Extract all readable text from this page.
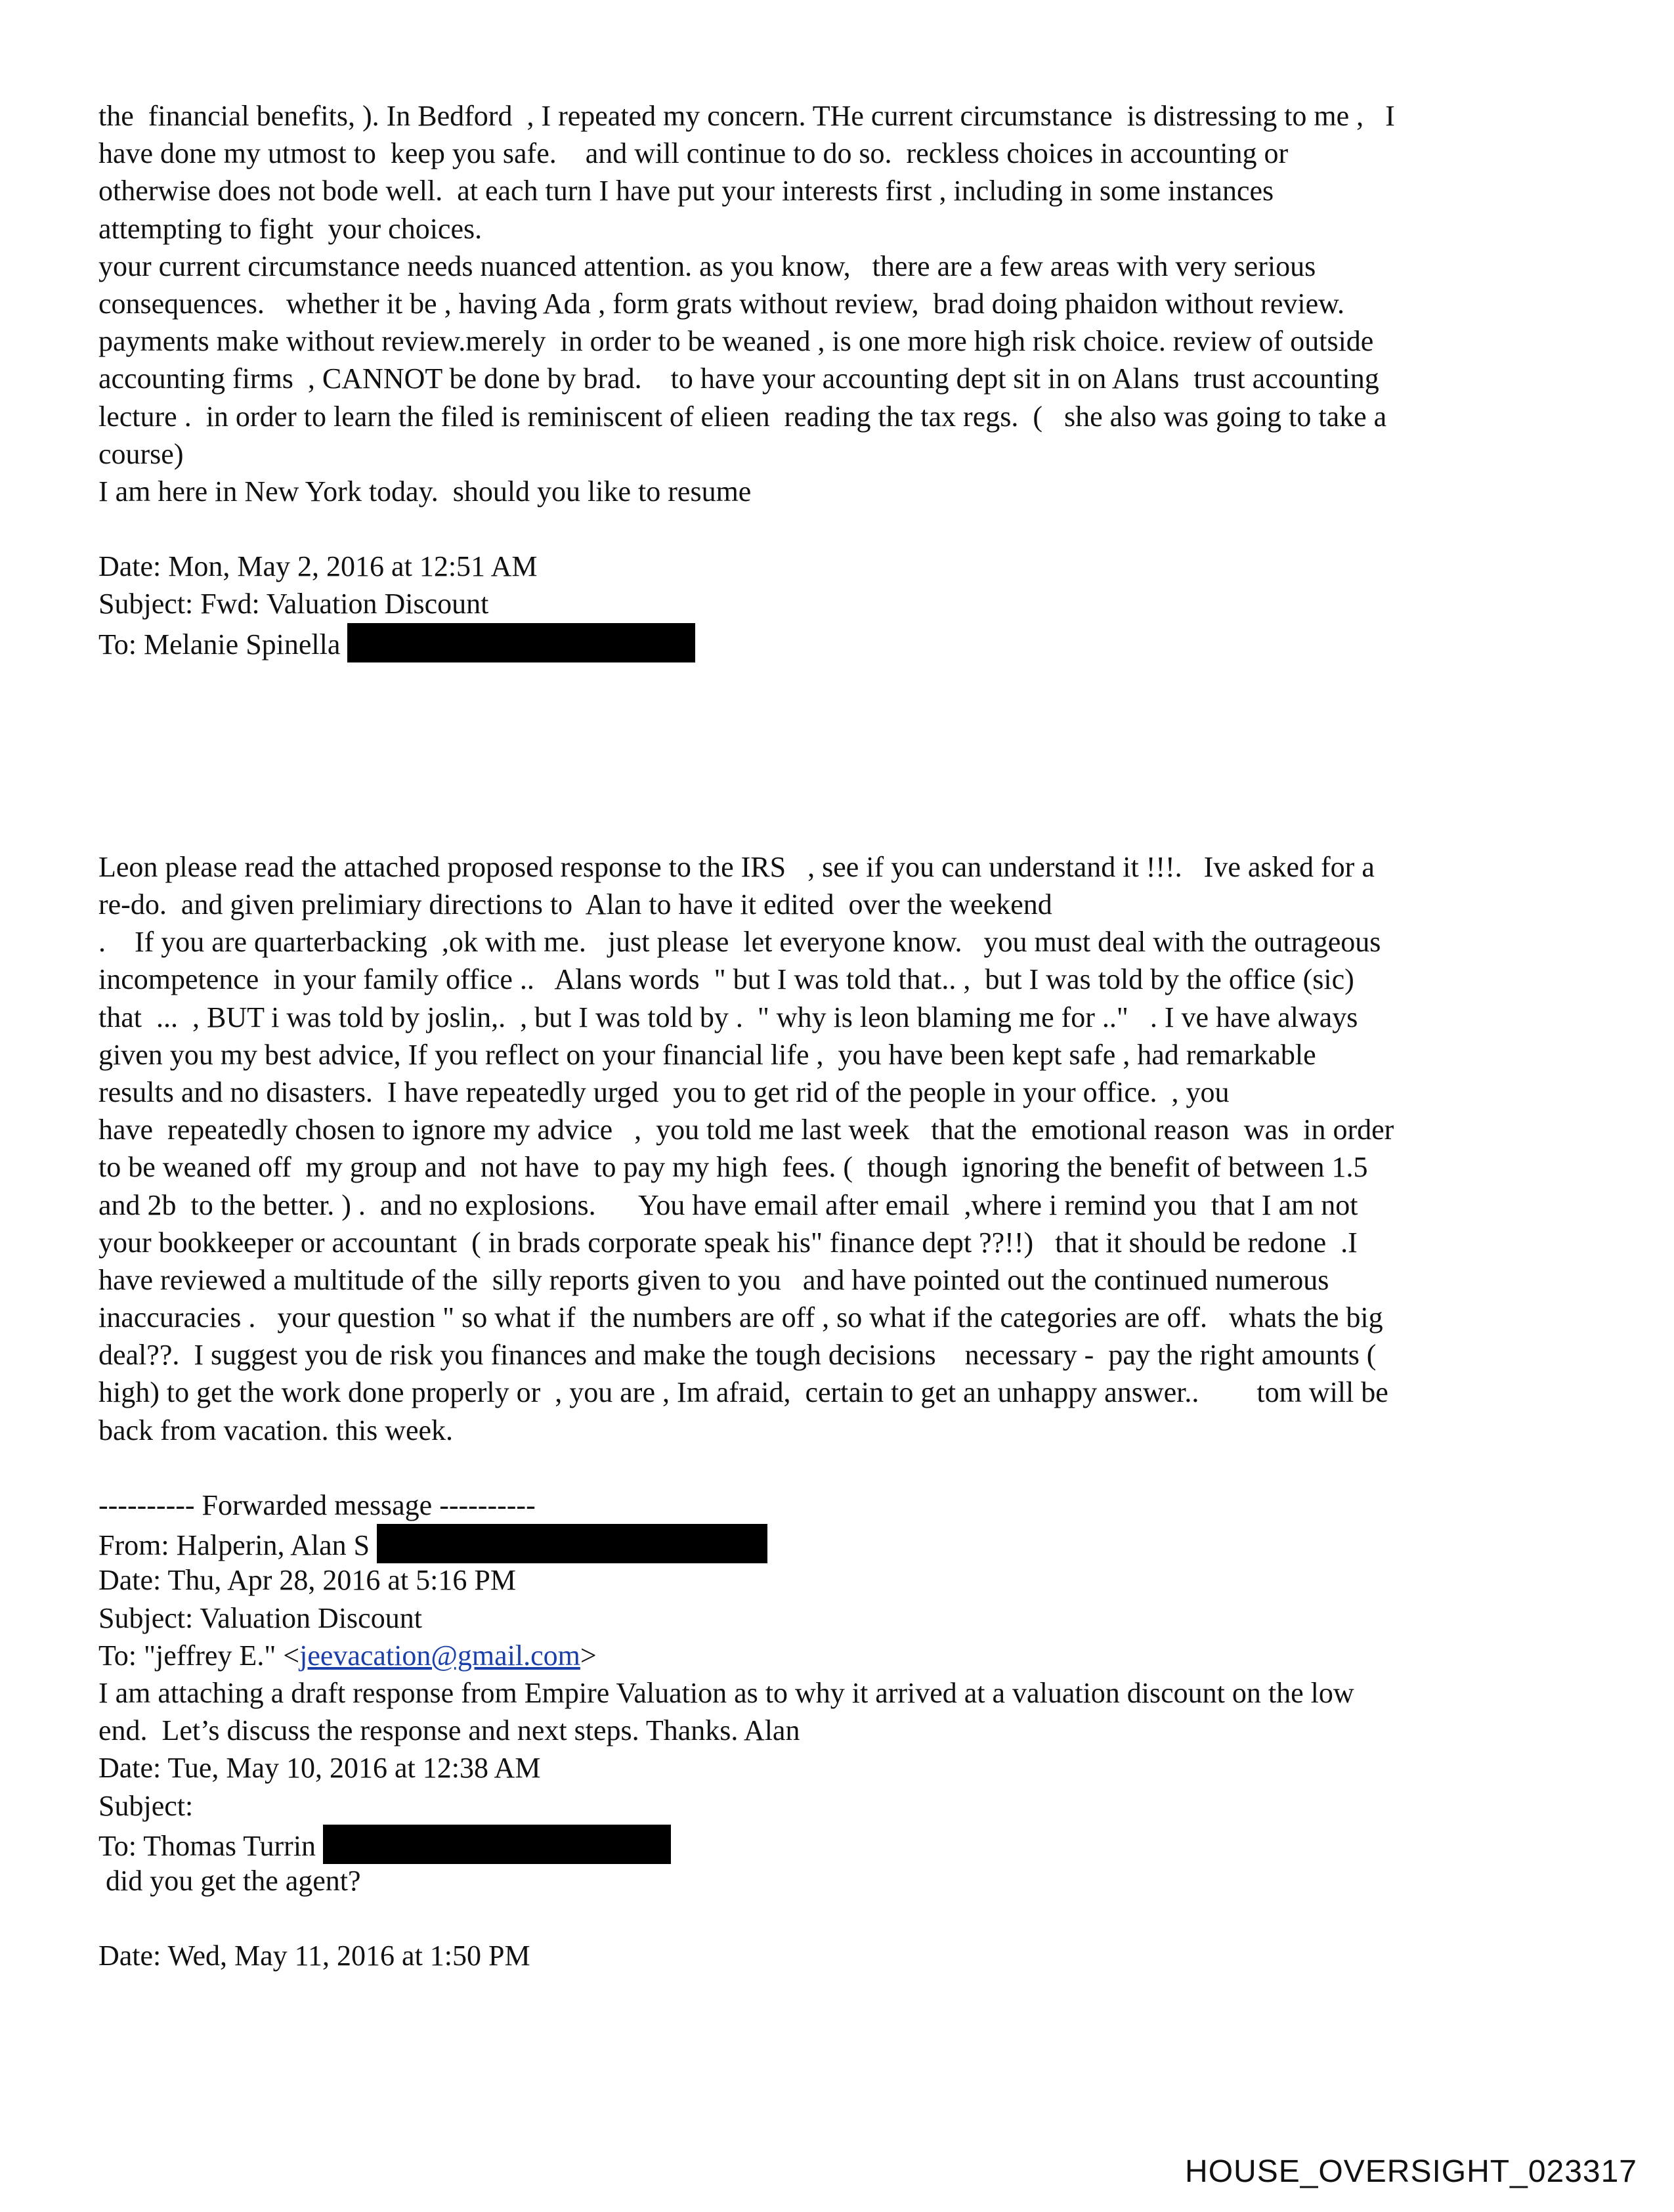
the  financial benefits, ). In Bedford  , I repeated my concern. THe current circumstance  is distressing to me ,   I
have done my utmost to  keep you safe.    and will continue to do so.  reckless choices in accounting or
otherwise does not bode well.  at each turn I have put your interests first , including in some instances
attempting to fight  your choices.
your current circumstance needs nuanced attention. as you know,   there are a few areas with very serious
consequences.   whether it be , having Ada , form grats without review,  brad doing phaidon without review.
payments make without review.merely  in order to be weaned , is one more high risk choice. review of outside
accounting firms  , CANNOT be done by brad.    to have your accounting dept sit in on Alans  trust accounting
lecture .  in order to learn the filed is reminiscent of elieen  reading the tax regs.  (   she also was going to take a
course)
I am here in New York today.  should you like to resume
Date: Mon, May 2, 2016 at 12:51 AM
Subject: Fwd: Valuation Discount
To: Melanie Spinella
Leon please read the attached proposed response to the IRS   , see if you can understand it !!!.   Ive asked for a
re-do.  and given prelimiary directions to  Alan to have it edited  over the weekend
.    If you are quarterbacking  ,ok with me.   just please  let everyone know.   you must deal with the outrageous
incompetence  in your family office ..   Alans words  " but I was told that.. ,  but I was told by the office (sic)
that  ...  , BUT i was told by joslin,.  , but I was told by .  " why is leon blaming me for .."   . I ve have always
given you my best advice, If you reflect on your financial life ,  you have been kept safe , had remarkable
results and no disasters.  I have repeatedly urged  you to get rid of the people in your office.  , you
have  repeatedly chosen to ignore my advice   ,  you told me last week   that the  emotional reason  was  in order
to be weaned off  my group and  not have  to pay my high  fees. (  though  ignoring the benefit of between 1.5
and 2b  to the better. ) .  and no explosions.      You have email after email  ,where i remind you  that I am not
your bookkeeper or accountant  ( in brads corporate speak his" finance dept ??!!)   that it should be redone  .I
have reviewed a multitude of the  silly reports given to you   and have pointed out the continued numerous
inaccuracies .   your question " so what if  the numbers are off , so what if the categories are off.   whats the big
deal??.  I suggest you de risk you finances and make the tough decisions    necessary -  pay the right amounts (
high) to get the work done properly or  , you are , Im afraid,  certain to get an unhappy answer..        tom will be
back from vacation. this week.
---------- Forwarded message ----------
From: Halperin, Alan S
Date: Thu, Apr 28, 2016 at 5:16 PM
Subject: Valuation Discount
To: "jeffrey E." <jeevacation@gmail.com>
I am attaching a draft response from Empire Valuation as to why it arrived at a valuation discount on the low
end.  Let’s discuss the response and next steps. Thanks. Alan
Date: Tue, May 10, 2016 at 12:38 AM
Subject:
To: Thomas Turrin
did you get the agent?
Date: Wed, May 11, 2016 at 1:50 PM
HOUSE_OVERSIGHT_023317
